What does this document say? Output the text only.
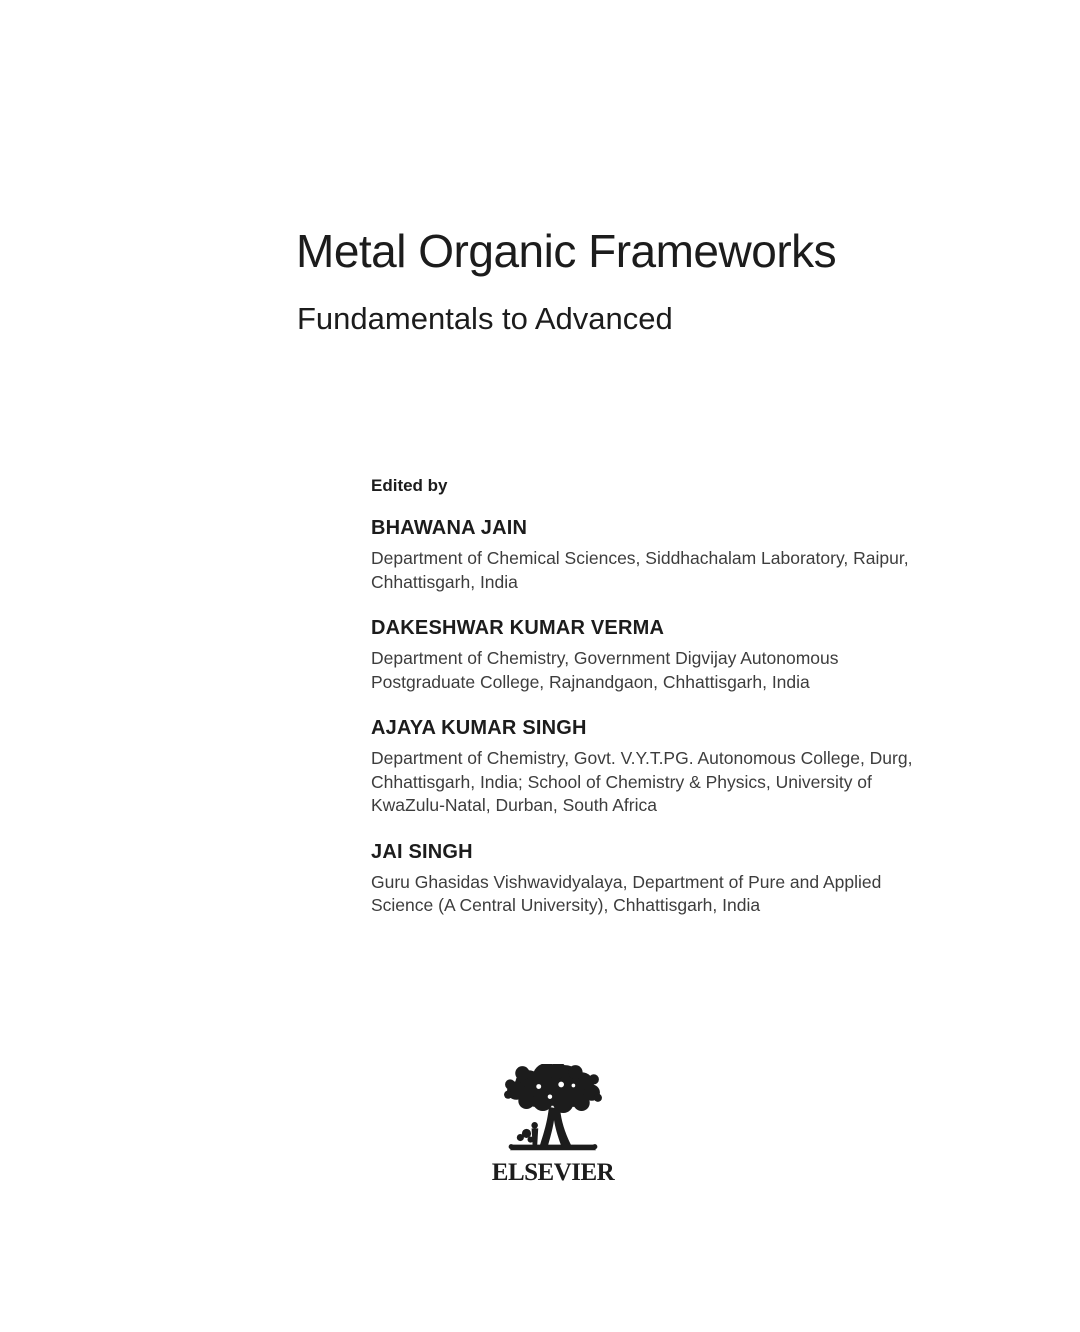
Metal Organic Frameworks
Fundamentals to Advanced
Edited by
BHAWANA JAIN
Department of Chemical Sciences, Siddhachalam Laboratory, Raipur, Chhattisgarh, India
DAKESHWAR KUMAR VERMA
Department of Chemistry, Government Digvijay Autonomous Postgraduate College, Rajnandgaon, Chhattisgarh, India
AJAYA KUMAR SINGH
Department of Chemistry, Govt. V.Y.T.PG. Autonomous College, Durg, Chhattisgarh, India; School of Chemistry & Physics, University of KwaZulu-Natal, Durban, South Africa
JAI SINGH
Guru Ghasidas Vishwavidyalaya, Department of Pure and Applied Science (A Central University), Chhattisgarh, India
ELSEVIER
